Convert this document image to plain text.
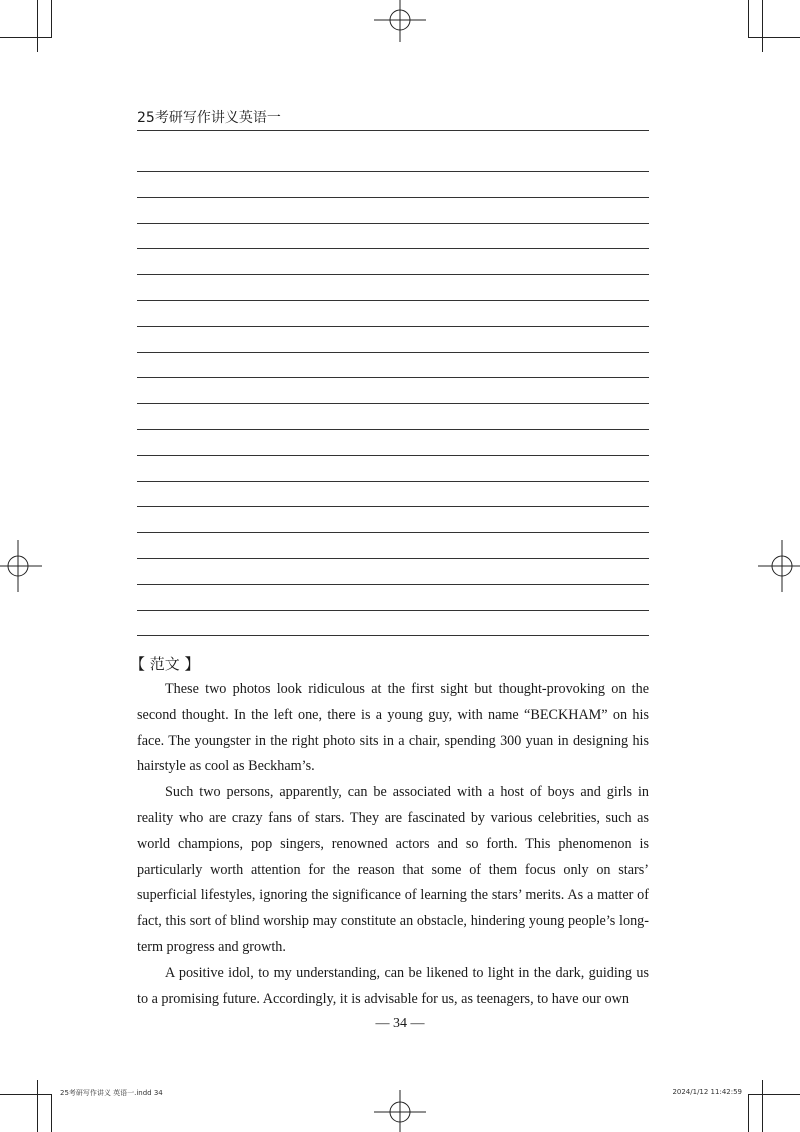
25考研写作讲义英语一
【 范文 】

These two photos look ridiculous at the first sight but thought-provoking on the second thought. In the left one, there is a young guy, with name “BECKHAM” on his face. The youngster in the right photo sits in a chair, spending 300 yuan in designing his hairstyle as cool as Beckham’s.

Such two persons, apparently, can be associated with a host of boys and girls in reality who are crazy fans of stars. They are fascinated by various celebrities, such as world champions, pop singers, renowned actors and so forth. This phenomenon is particularly worth attention for the reason that some of them focus only on stars’ superficial lifestyles, ignoring the significance of learning the stars’ merits. As a matter of fact, this sort of blind worship may constitute an obstacle, hindering young people’s long-term progress and growth.

A positive idol, to my understanding, can be likened to light in the dark, guiding us to a promising future. Accordingly, it is advisable for us, as teenagers, to have our own

— 34 —
25考研写作讲义 英语一.indd 34	2024/1/12 11:42:59
